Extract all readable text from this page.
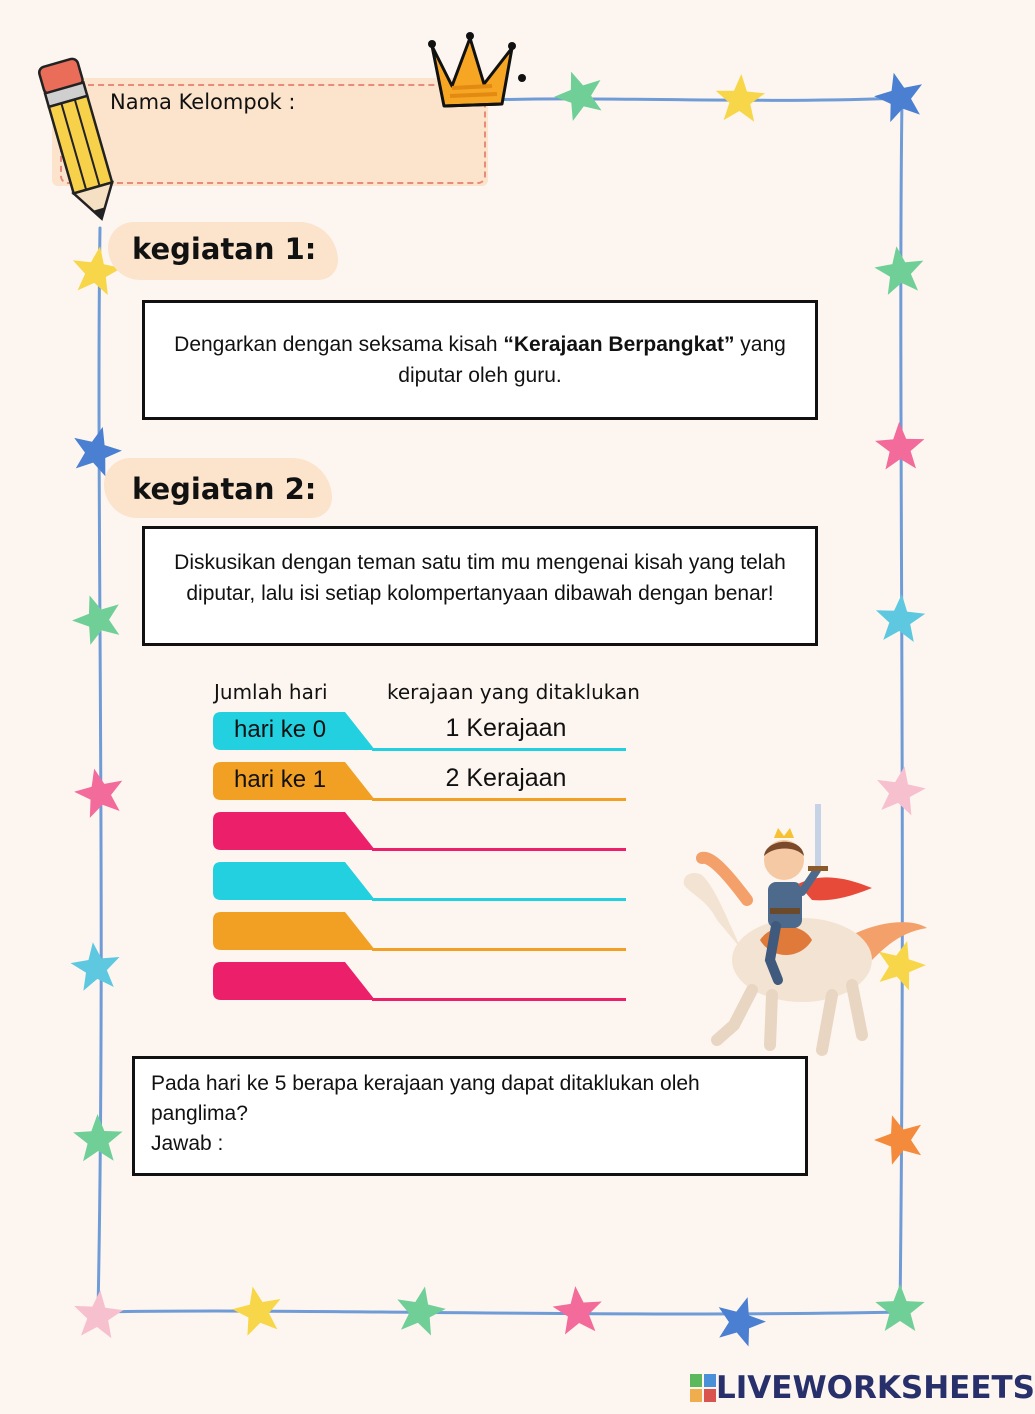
Nama Kelompok :
kegiatan 1:
Dengarkan dengan seksama kisah “Kerajaan Berpangkat” yang diputar oleh guru.
kegiatan 2:
Diskusikan dengan teman satu tim mu mengenai kisah yang telah diputar, lalu isi setiap kolompertanyaan dibawah dengan benar!
Jumlah hari	kerajaan yang ditaklukan
hari ke 0	1 Kerajaan
hari ke 1	2 Kerajaan
Pada hari ke 5 berapa kerajaan yang dapat ditaklukan oleh panglima?
Jawab :
LIVEWORKSHEETS
